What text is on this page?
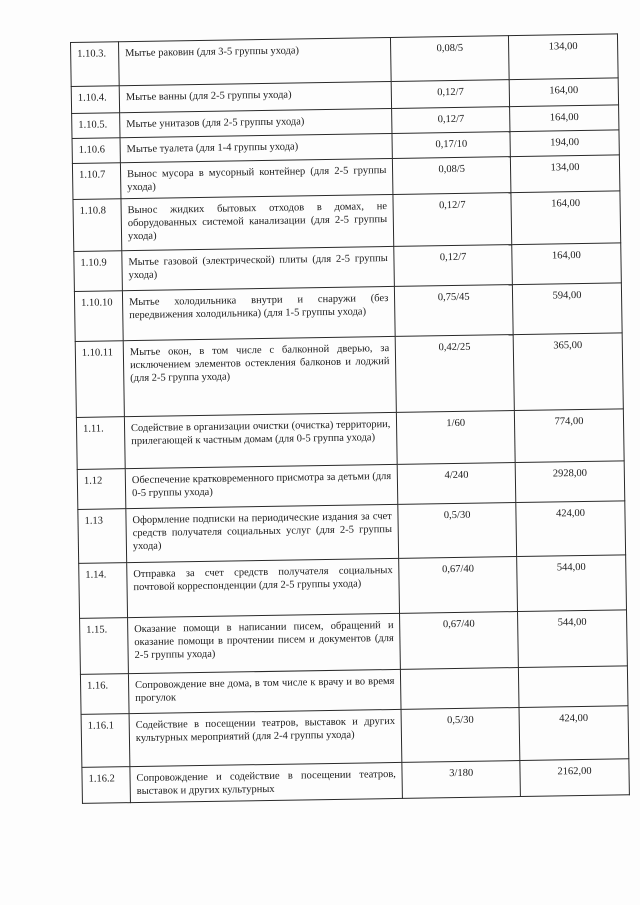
1.10.3.	Мытье раковин (для 3-5 группы ухода)	0,08/5	134,00
1.10.4.	Мытье ванны (для 2-5 группы ухода)	0,12/7	164,00
1.10.5.	Мытье унитазов (для 2-5 группы ухода)	0,12/7	164,00
1.10.6	Мытье туалета (для 1-4 группы ухода)	0,17/10	194,00
1.10.7	Вынос мусора в мусорный контейнер (для 2-5 группы ухода)	0,08/5	134,00
1.10.8	Вынос жидких бытовых отходов в домах, не оборудованных системой канализации (для 2-5 группы ухода)	0,12/7	164,00
1.10.9	Мытье газовой (электрической) плиты (для 2-5 группы ухода)	0,12/7	164,00
1.10.10	Мытье холодильника внутри и снаружи (без передвижения холодильника) (для 1-5 группы ухода)	0,75/45	594,00
1.10.11	Мытье окон, в том числе с балконной дверью, за исключением элементов остекления балконов и лоджий (для 2-5 группа ухода)	0,42/25	365,00
1.11.	Содействие в организации очистки (очистка) территории, прилегающей к частным домам (для 0-5 группа ухода)	1/60	774,00
1.12	Обеспечение кратковременного присмотра за детьми (для 0-5 группы ухода)	4/240	2928,00
1.13	Оформление подписки на периодические издания за счет средств получателя социальных услуг (для 2-5 группы ухода)	0,5/30	424,00
1.14.	Отправка за счет средств получателя социальных почтовой корреспонденции (для 2-5 группы ухода)	0,67/40	544,00
1.15.	Оказание помощи в написании писем, обращений и оказание помощи в прочтении писем и документов (для 2-5 группы ухода)	0,67/40	544,00
1.16.	Сопровождение вне дома, в том числе к врачу и во время прогулок		
1.16.1	Содействие в посещении театров, выставок и других культурных мероприятий (для 2-4 группы ухода)	0,5/30	424,00
1.16.2	Сопровождение и содействие в посещении театров, выставок и других культурных	3/180	2162,00
